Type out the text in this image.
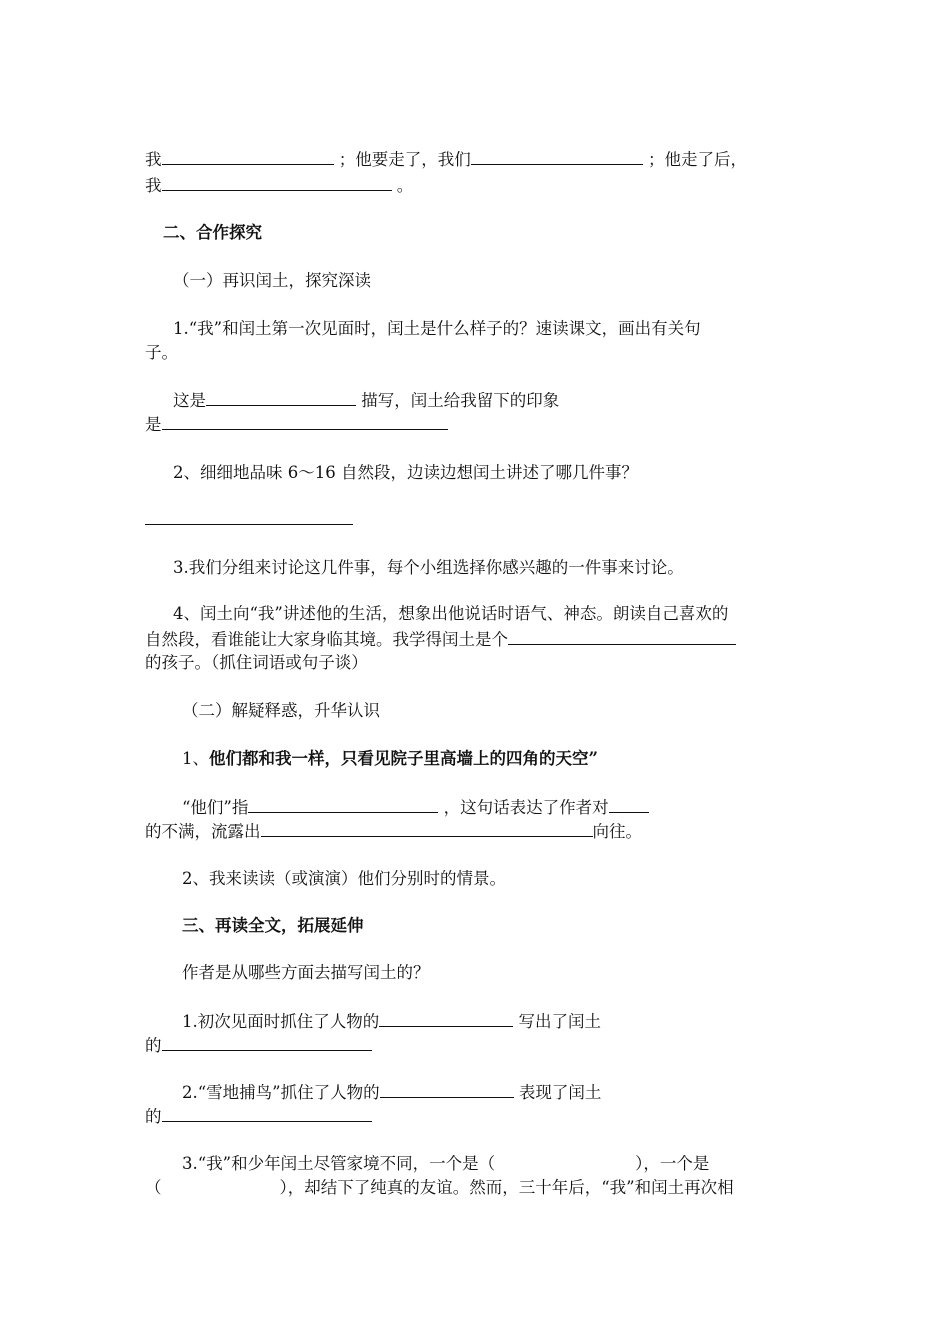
我	；他要走了，我们	；他走了后，
我	。
二、合作探究
（一）再识闰土，探究深读
1.“我”和闰土第一次见面时，闰土是什么样子的？速读课文，画出有关句
子。
这是	描写，闰土给我留下的印象
是
2、细细地品味 6～16 自然段，边读边想闰土讲述了哪几件事？
3.我们分组来讨论这几件事，每个小组选择你感兴趣的一件事来讨论。
4、闰土向“我”讲述他的生活，想象出他说话时语气、神态。朗读自己喜欢的
自然段，看谁能让大家身临其境。我学得闰土是个
的孩子。（抓住词语或句子谈）
（二）解疑释惑，升华认识
1、他们都和我一样，只看见院子里高墙上的四角的天空”
“他们”指	，这句话表达了作者对
的不满，流露出	向往。
2、我来读读（或演演）他们分别时的情景。
三、再读全文，拓展延伸
作者是从哪些方面去描写闰土的？
1.初次见面时抓住了人物的	写出了闰土
的
2.“雪地捕鸟”抓住了人物的	表现了闰土
的
3.“我”和少年闰土尽管家境不同，一个是（	），一个是
（	），却结下了纯真的友谊。然而，三十年后，“我”和闰土再次相
